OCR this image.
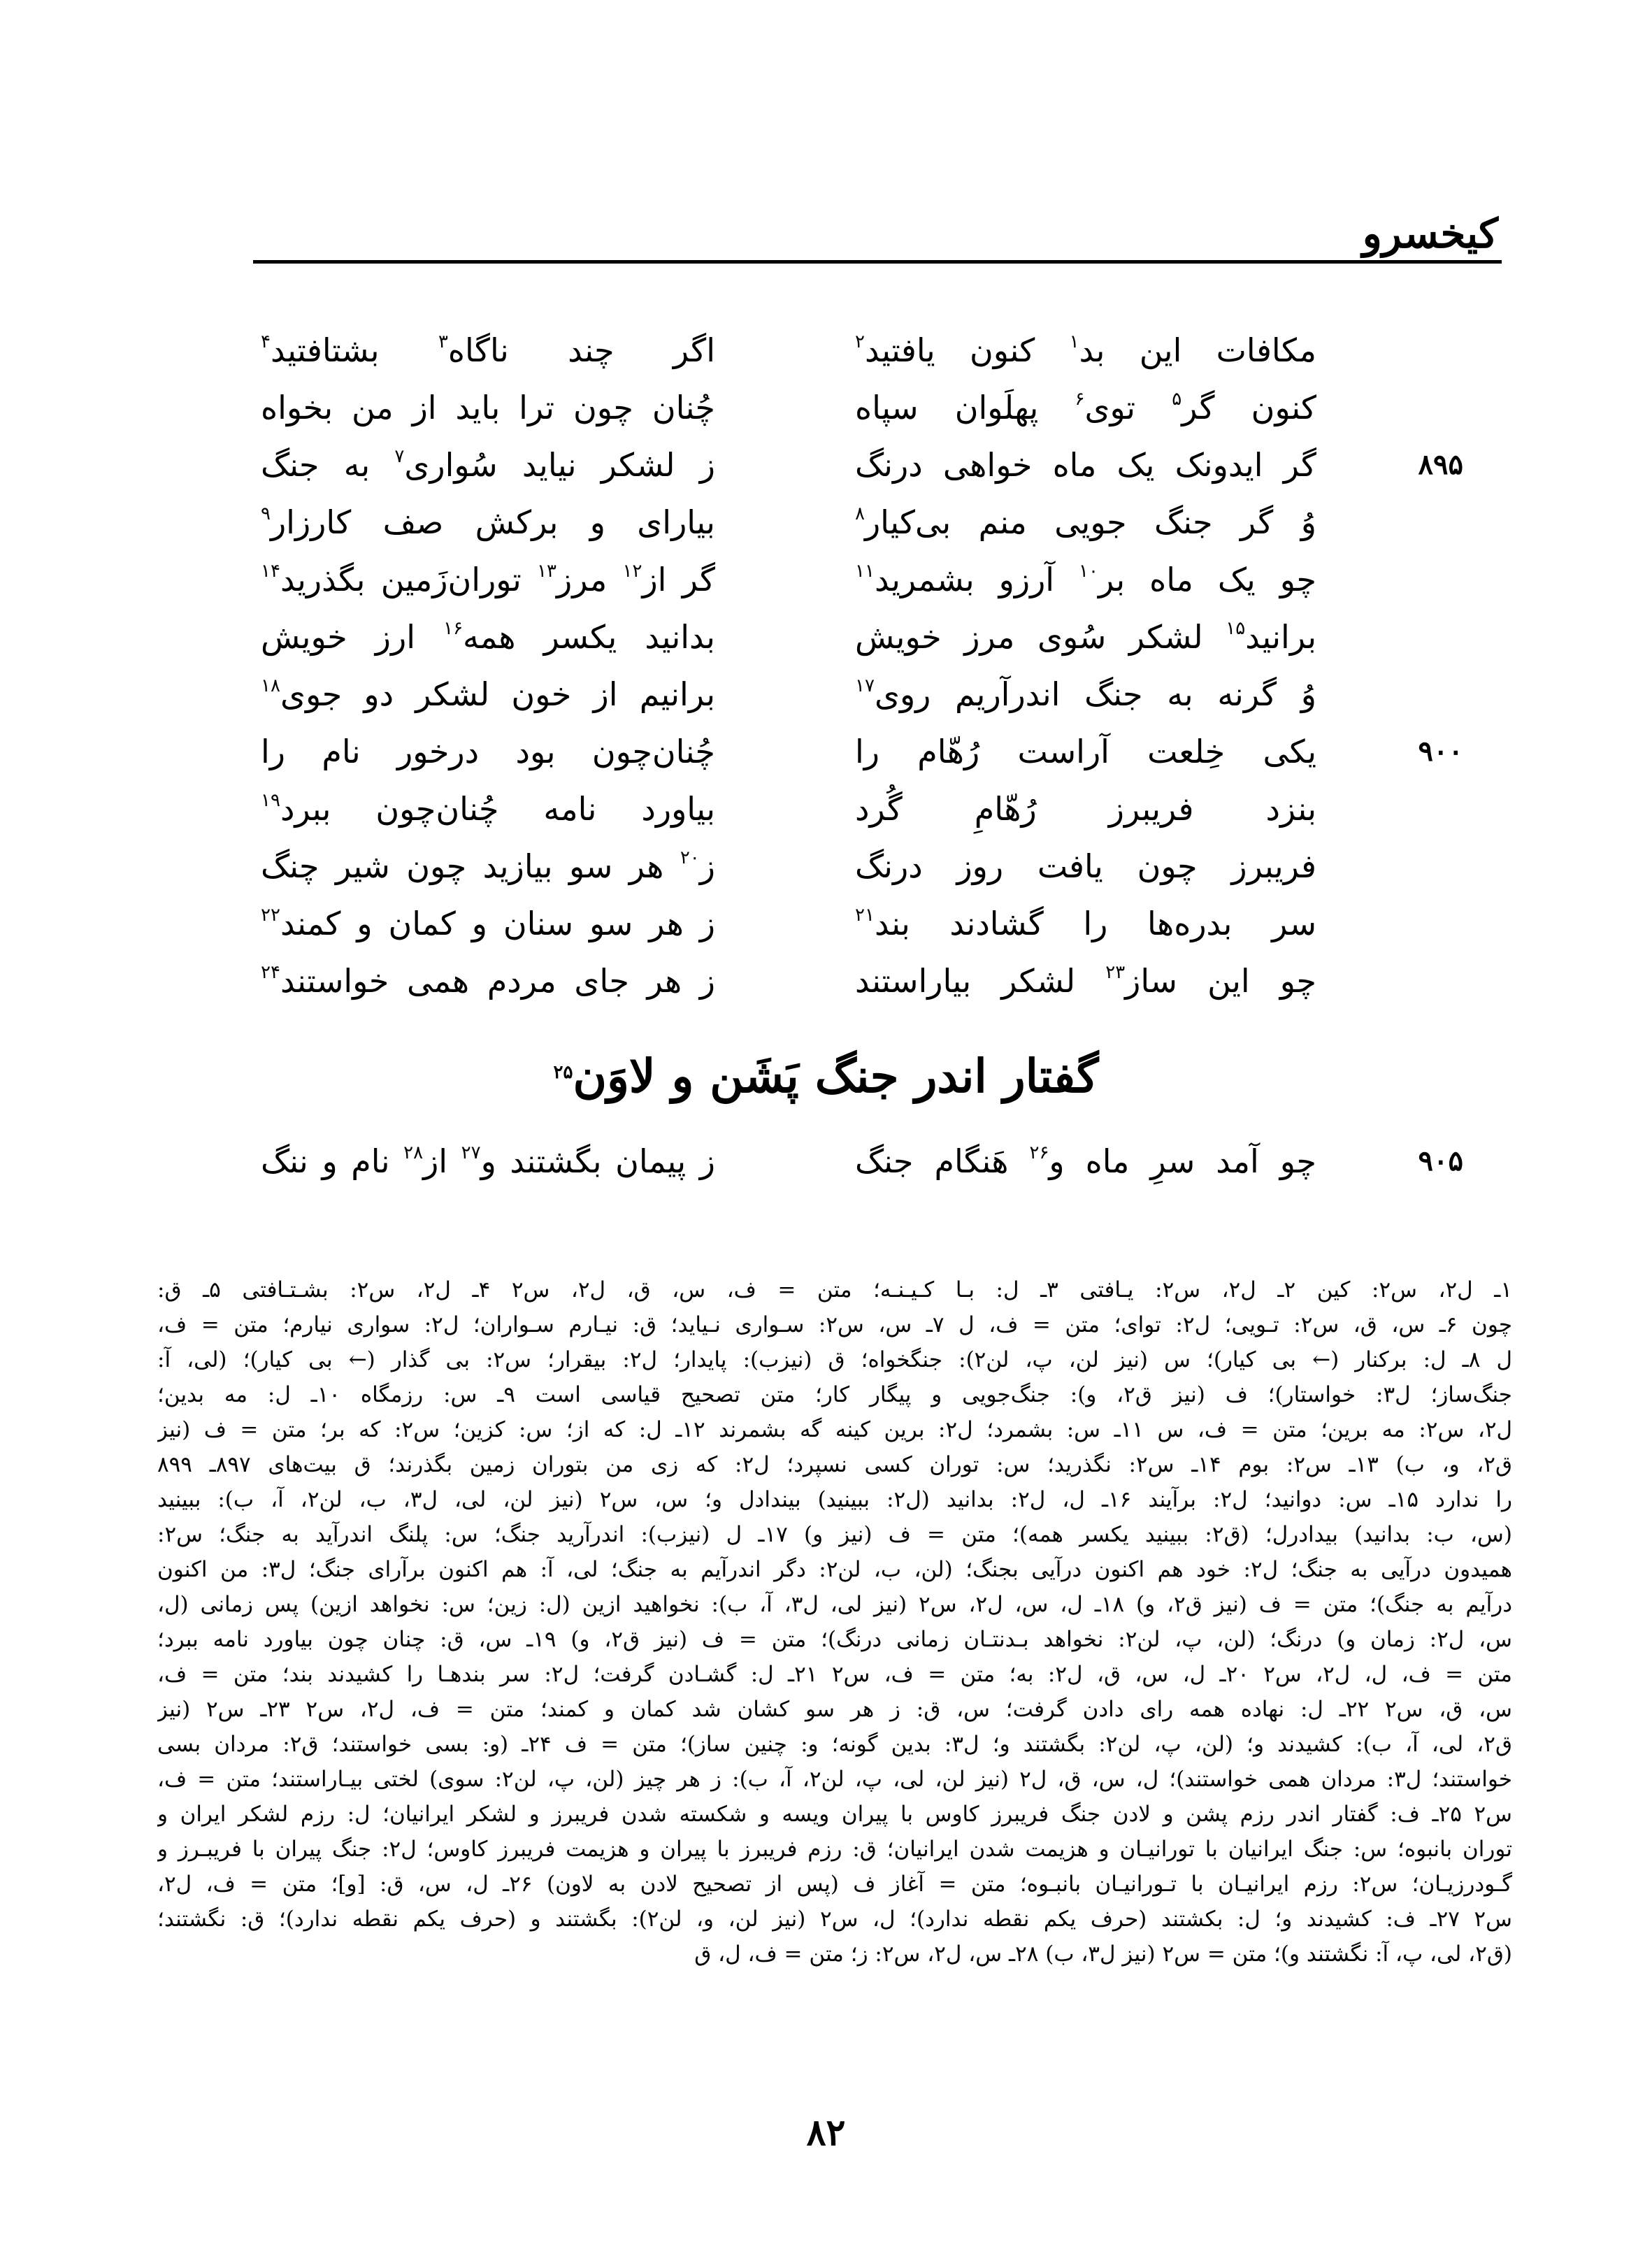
کیخسرو
مکافات این بد$^۱$ کنون یافتید$^۲$
اگر چند ناگاه$^۳$ بشتافتید$^۴$
کنون گر$^۵$ توی$^۶$ پهلَوان سپاه
چُنان چون ترا باید از من بخواه
۸۹۵
گر ایدونک یک ماه خواهی درنگ
ز لشکر نیاید سُواری$^۷$ به جنگ
وُ گر جنگ جویی منم بی‌کیار$^۸$
بیارای و برکش صف کارزار$^۹$
چو یک ماه بر$^{۱۰}$ آرزو بشمرید$^{۱۱}$
گر از$^{۱۲}$ مرز$^{۱۳}$ توران‌زَمین بگذرید$^{۱۴}$
برانید$^{۱۵}$ لشکر سُوی مرز خویش
بدانید یکسر همه$^{۱۶}$ ارز خویش
وُ گرنه به جنگ اندرآریم روی$^{۱۷}$
برانیم از خون لشکر دو جوی$^{۱۸}$
۹۰۰
یکی خِلعت آراست رُهّام را
چُنان‌چون بود درخور نام را
بنزد فریبرز رُهّامِ گُرد
بیاورد نامه چُنان‌چون ببرد$^{۱۹}$
فریبرز چون یافت روز درنگ
ز$^{۲۰}$ هر سو بیازید چون شیر چنگ
سر بدره‌ها را گشادند بند$^{۲۱}$
ز هر سو سنان و کمان و کمند$^{۲۲}$
چو این ساز$^{۲۳}$ لشکر بیاراستند
ز هر جای مردم همی خواستند$^{۲۴}$
گفتار اندر جنگ پَشَن و لاوَن$^{۲۵}$
۹۰۵
چو آمد سرِ ماه و$^{۲۶}$ هَنگام جنگ
ز پیمان بگشتند و$^{۲۷}$ از$^{۲۸}$ نام و ننگ
۱ـ ل۲، س۲: کین ۲ـ ل۲، س۲: یـافتی ۳ـ ل: بـا کـیـنـه؛ متن = ف، س، ق، ل۲، س۲ ۴ـ ل۲، س۲: بشـتـافتی ۵ـ ق:
چون ۶ـ س، ق، س۲: تـویی؛ ل۲: توای؛ متن = ف، ل ۷ـ س، س۲: سـواری نـیاید؛ ق: نیـارم سـواران؛ ل۲: سواری نیارم؛ متن = ف،
ل ۸ـ ل: برکنار (← بی کیار)؛ س (نیز لن، پ، لن۲): جنگخواه؛ ق (نیزب): پایدار؛ ل۲: بیقرار؛ س۲: بی گذار (← بی کیار)؛ (لی، آ:
جنگ‌ساز؛ ل۳: خواستار)؛ ف (نیز ق۲، و): جنگ‌جویی و پیگار کار؛ متن تصحیح قیاسی است ۹ـ س: رزمگاه ۱۰ـ ل: مه بدین؛
ل۲، س۲: مه برین؛ متن = ف، س ۱۱ـ س: بشمرد؛ ل۲: برین کینه گه بشمرند ۱۲ـ ل: که از؛ س: کزین؛ س۲: که بر؛ متن = ف (نیز
ق۲، و، ب) ۱۳ـ س۲: بوم ۱۴ـ س۲: نگذرید؛ س: توران کسی نسپرد؛ ل۲: که زی من بتوران زمین بگذرند؛ ق بیت‌های ۸۹۷ـ ۸۹۹
را ندارد ۱۵ـ س: دوانید؛ ل۲: برآیند ۱۶ـ ل، ل۲: بدانید (ل۲: ببینید) بیندادل و؛ س، س۲ (نیز لن، لی، ل۳، ب، لن۲، آ، ب): ببینید
(س، ب: بدانید) بیدادرل؛ (ق۲: ببینید یکسر همه)؛ متن = ف (نیز و) ۱۷ـ ل (نیزب): اندرآرید جنگ؛ س: پلنگ اندرآید به جنگ؛ س۲:
همیدون درآیی به جنگ؛ ل۲: خود هم اکنون درآیی بجنگ؛ (لن، ب، لن۲: دگر اندرآیم به جنگ؛ لی، آ: هم اکنون برآرای جنگ؛ ل۳: من اکنون
درآیم به جنگ)؛ متن = ف (نیز ق۲، و) ۱۸ـ ل، س، ل۲، س۲ (نیز لی، ل۳، آ، ب): نخواهید ازین (ل: زین؛ س: نخواهد ازین) پس زمانی (ل،
س، ل۲: زمان و) درنگ؛ (لن، پ، لن۲: نخواهد بـدنتـان زمانی درنگ)؛ متن = ف (نیز ق۲، و) ۱۹ـ س، ق: چنان چون بیاورد نامه ببرد؛
متن = ف، ل، ل۲، س۲ ۲۰ـ ل، س، ق، ل۲: به؛ متن = ف، س۲ ۲۱ـ ل: گشـادن گرفت؛ ل۲: سر بندهـا را کشیدند بند؛ متن = ف،
س، ق، س۲ ۲۲ـ ل: نهاده همه رای دادن گرفت؛ س، ق: ز هر سو کشان شد کمان و کمند؛ متن = ف، ل۲، س۲ ۲۳ـ س۲ (نیز
ق۲، لی، آ، ب): کشیدند و؛ (لن، پ، لن۲: بگشتند و؛ ل۳: بدین گونه؛ و: چنین ساز)؛ متن = ف ۲۴ـ (و: بسی خواستند؛ ق۲: مردان بسی
خواستند؛ ل۳: مردان همی خواستند)؛ ل، س، ق، ل۲ (نیز لن، لی، پ، لن۲، آ، ب): ز هر چیز (لن، پ، لن۲: سوی) لختی بیـاراستند؛ متن = ف،
س۲ ۲۵ـ ف: گفتار اندر رزم پشن و لادن جنگ فریبرز کاوس با پیران ویسه و شکسته شدن فریبرز و لشکر ایرانیان؛ ل: رزم لشکر ایران و
توران بانبوه؛ س: جنگ ایرانیان با تورانیـان و هزیمت شدن ایرانیان؛ ق: رزم فریبرز با پیران و هزیمت فریبرز کاوس؛ ل۲: جنگ پیران با فریبـرز و
گـودرزیـان؛ س۲: رزم ایرانیـان با تـورانیـان بانبـوه؛ متن = آغاز ف (پس از تصحیح لادن به لاون) ۲۶ـ ل، س، ق: [و]؛ متن = ف، ل۲،
س۲ ۲۷ـ ف: کشیدند و؛ ل: بکشتند (حرف یکم نقطه ندارد)؛ ل، س۲ (نیز لن، و، لن۲): بگشتند و (حرف یکم نقطه ندارد)؛ ق: نگشتند؛
(ق۲، لی، پ، آ: نگشتند و)؛ متن = س۲ (نیز ل۳، ب) ۲۸ـ س، ل۲، س۲: ز؛ متن = ف، ل، ق
۸۲
